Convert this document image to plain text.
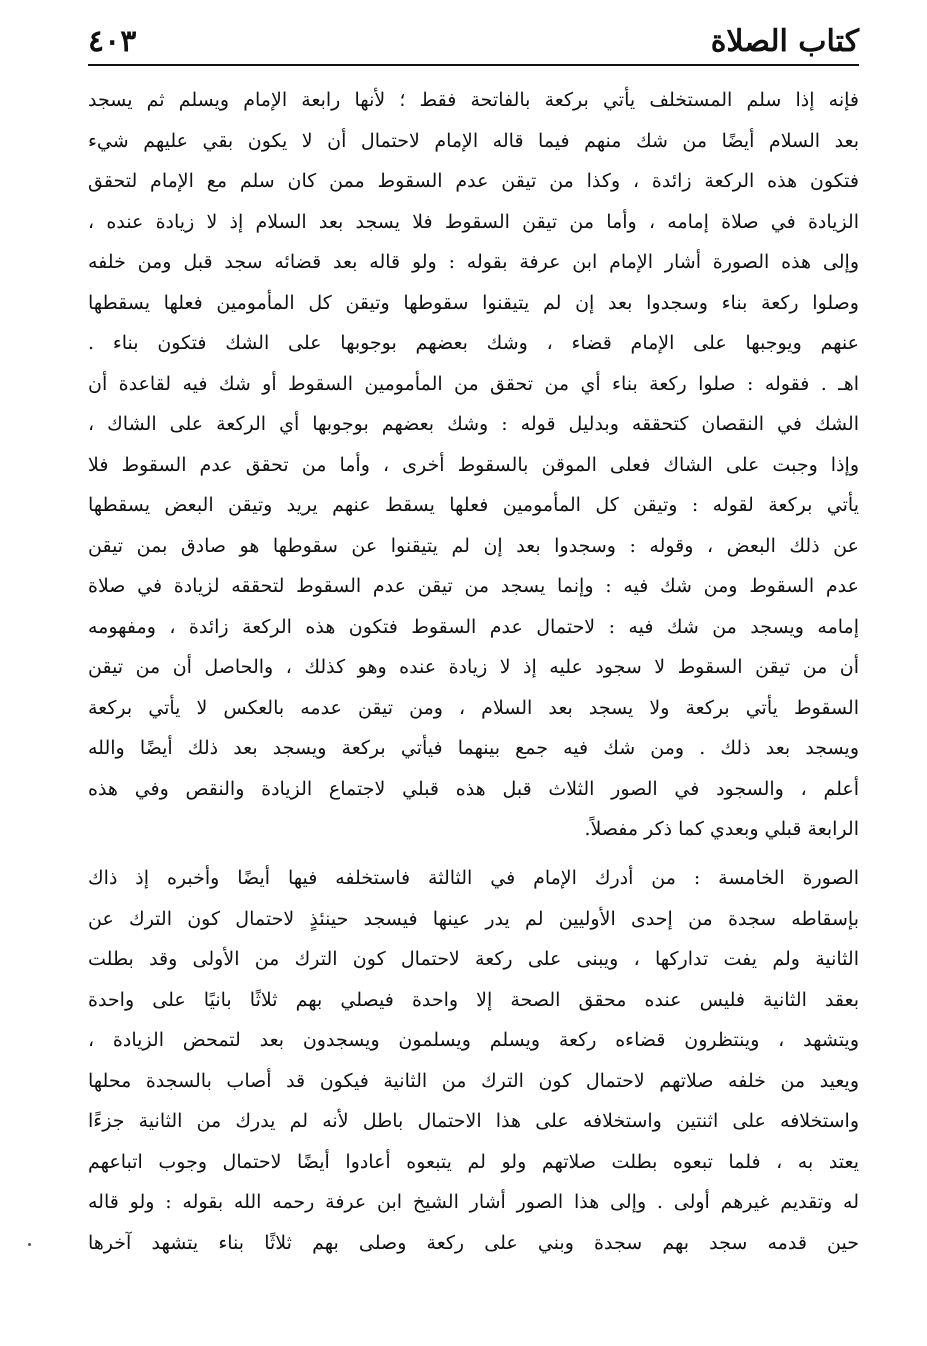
كتاب الصلاة
٤٠٣
فإنه إذا سلم المستخلف يأتي بركعة بالفاتحة فقط ؛ لأنها رابعة الإمام ويسلم ثم يسجد
بعد السلام أيضًا من شك منهم فيما قاله الإمام لاحتمال أن لا يكون بقي عليهم شيء
فتكون هذه الركعة زائدة ، وكذا من تيقن عدم السقوط ممن كان سلم مع الإمام لتحقق
الزيادة في صلاة إمامه ، وأما من تيقن السقوط فلا يسجد بعد السلام إذ لا زيادة عنده ،
وإلى هذه الصورة أشار الإمام ابن عرفة بقوله : ولو قاله بعد قضائه سجد قبل ومن خلفه
وصلوا ركعة بناء وسجدوا بعد إن لم يتيقنوا سقوطها وتيقن كل المأمومين فعلها يسقطها
عنهم ويوجبها على الإمام قضاء ، وشك بعضهم بوجوبها على الشك فتكون بناء .
اهـ . فقوله : صلوا ركعة بناء أي من تحقق من المأمومين السقوط أو شك فيه لقاعدة أن
الشك في النقصان كتحققه وبدليل قوله : وشك بعضهم بوجوبها أي الركعة على الشاك ،
وإذا وجبت على الشاك فعلى الموقن بالسقوط أخرى ، وأما من تحقق عدم السقوط فلا
يأتي بركعة لقوله : وتيقن كل المأمومين فعلها يسقط عنهم يريد وتيقن البعض يسقطها
عن ذلك البعض ، وقوله : وسجدوا بعد إن لم يتيقنوا عن سقوطها هو صادق بمن تيقن
عدم السقوط ومن شك فيه : وإنما يسجد من تيقن عدم السقوط لتحققه لزيادة في صلاة
إمامه ويسجد من شك فيه : لاحتمال عدم السقوط فتكون هذه الركعة زائدة ، ومفهومه
أن من تيقن السقوط لا سجود عليه إذ لا زيادة عنده وهو كذلك ، والحاصل أن من تيقن
السقوط يأتي بركعة ولا يسجد بعد السلام ، ومن تيقن عدمه بالعكس لا يأتي بركعة
ويسجد بعد ذلك . ومن شك فيه جمع بينهما فيأتي بركعة ويسجد بعد ذلك أيضًا والله
أعلم ، والسجود في الصور الثلاث قبل هذه قبلي لاجتماع الزيادة والنقص وفي هذه
الرابعة قبلي وبعدي كما ذكر مفصلاً.
الصورة الخامسة : من أدرك الإمام في الثالثة فاستخلفه فيها أيضًا وأخبره إذ ذاك
بإسقاطه سجدة من إحدى الأوليين لم يدر عينها فيسجد حينئذٍ لاحتمال كون الترك عن
الثانية ولم يفت تداركها ، ويبنى على ركعة لاحتمال كون الترك من الأولى وقد بطلت
بعقد الثانية فليس عنده محقق الصحة إلا واحدة فيصلي بهم ثلاثًا بانيًا على واحدة
ويتشهد ، وينتظرون قضاءه ركعة ويسلم ويسلمون ويسجدون بعد لتمحض الزيادة ،
ويعيد من خلفه صلاتهم لاحتمال كون الترك من الثانية فيكون قد أصاب بالسجدة محلها
واستخلافه على اثنتين واستخلافه على هذا الاحتمال باطل لأنه لم يدرك من الثانية جزءًا
يعتد به ، فلما تبعوه بطلت صلاتهم ولو لم يتبعوه أعادوا أيضًا لاحتمال وجوب اتباعهم
له وتقديم غيرهم أولى . وإلى هذا الصور أشار الشيخ ابن عرفة رحمه الله بقوله : ولو قاله
حين قدمه سجد بهم سجدة وبني على ركعة وصلى بهم ثلاثًا بناء يتشهد آخرها
